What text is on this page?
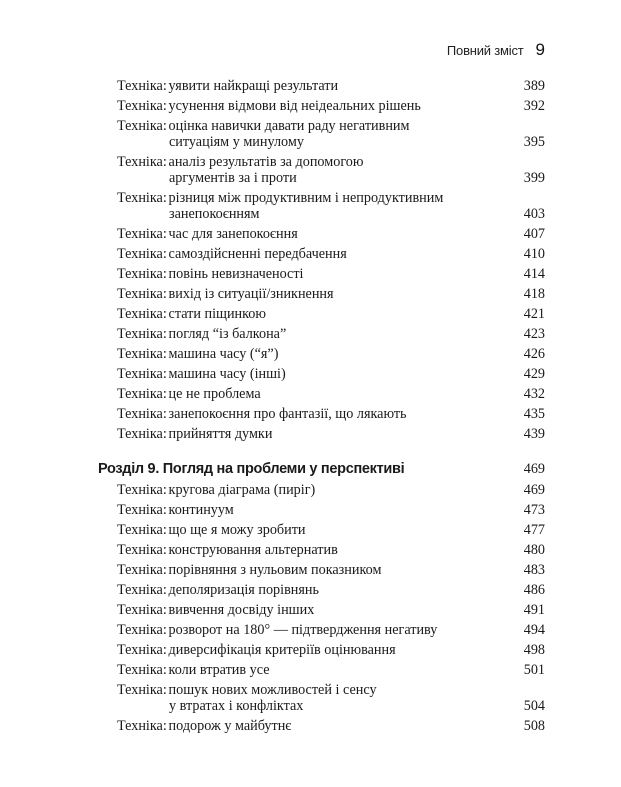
Повний зміст 9
Техніка: уявити найкращі результати	389
Техніка: усунення відмови від неідеальних рішень	392
Техніка: оцінка навички давати раду негативним
ситуаціям у минулому	395
Техніка: аналіз результатів за допомогою
аргументів за і проти	399
Техніка: різниця між продуктивним і непродуктивним
занепокоєнням	403
Техніка: час для занепокоєння	407
Техніка: самоздійсненні передбачення	410
Техніка: повінь невизначеності	414
Техніка: вихід із ситуації/зникнення	418
Техніка: стати піщинкою	421
Техніка: погляд “із балкона”	423
Техніка: машина часу (“я”)	426
Техніка: машина часу (інші)	429
Техніка: це не проблема	432
Техніка: занепокоєння про фантазії, що лякають	435
Техніка: прийняття думки	439
Розділ 9. Погляд на проблеми у перспективі	469
Техніка: кругова діаграма (пиріг)	469
Техніка: континуум	473
Техніка: що ще я можу зробити	477
Техніка: конструювання альтернатив	480
Техніка: порівняння з нульовим показником	483
Техніка: деполяризація порівнянь	486
Техніка: вивчення досвіду інших	491
Техніка: розворот на 180° — підтвердження негативу	494
Техніка: диверсифікація критеріїв оцінювання	498
Техніка: коли втратив усе	501
Техніка: пошук нових можливостей і сенсу
у втратах і конфліктах	504
Техніка: подорож у майбутнє	508
